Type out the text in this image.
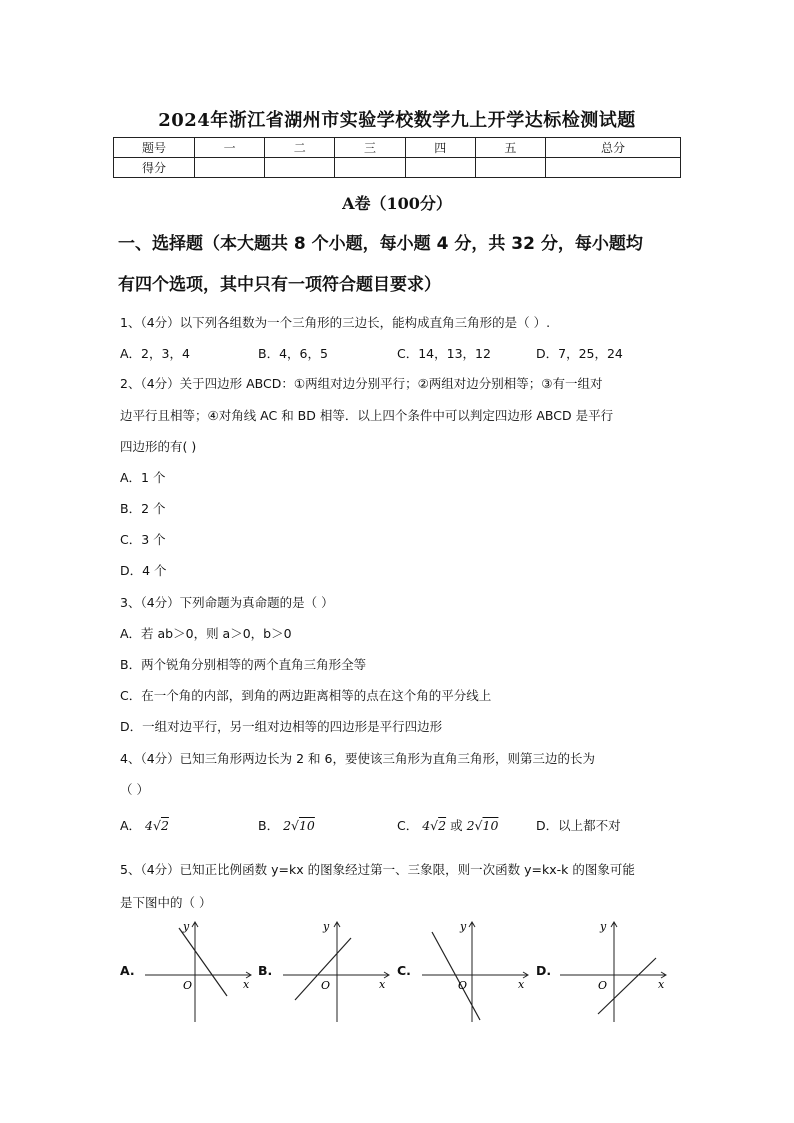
2024年浙江省湖州市实验学校数学九上开学达标检测试题
题号	一	二	三	四	五	总分
得分						
A卷（100分）
一、选择题（本大题共 8 个小题，每小题 4 分，共 32 分，每小题均
有四个选项，其中只有一项符合题目要求）
1、（4分）以下列各组数为一个三角形的三边长，能构成直角三角形的是（ ）.
A．2，3，4	B．4，6，5	C．14，13，12	D．7，25，24
2、（4分）关于四边形 ABCD：①两组对边分别平行；②两组对边分别相等；③有一组对
边平行且相等；④对角线 AC 和 BD 相等．以上四个条件中可以判定四边形 ABCD 是平行
四边形的有( )
A．1 个
B．2 个
C．3 个
D．4 个
3、（4分）下列命题为真命题的是（ ）
A．若 ab＞0，则 a＞0，b＞0
B．两个锐角分别相等的两个直角三角形全等
C．在一个角的内部，到角的两边距离相等的点在这个角的平分线上
D．一组对边平行，另一组对边相等的四边形是平行四边形
4、（4分）已知三角形两边长为 2 和 6，要使该三角形为直角三角形，则第三边的长为
（ ）
A． 4√2	B． 2√10	C． 4√2 或 2√10	D．以上都不对
5、（4分）已知正比例函数 y=kx 的图象经过第一、三象限，则一次函数 y=kx-k 的图象可能
是下图中的（ ）
A.	B.	C.	D.
y
x
O
y
x
O
y
x
O
y
x
O
